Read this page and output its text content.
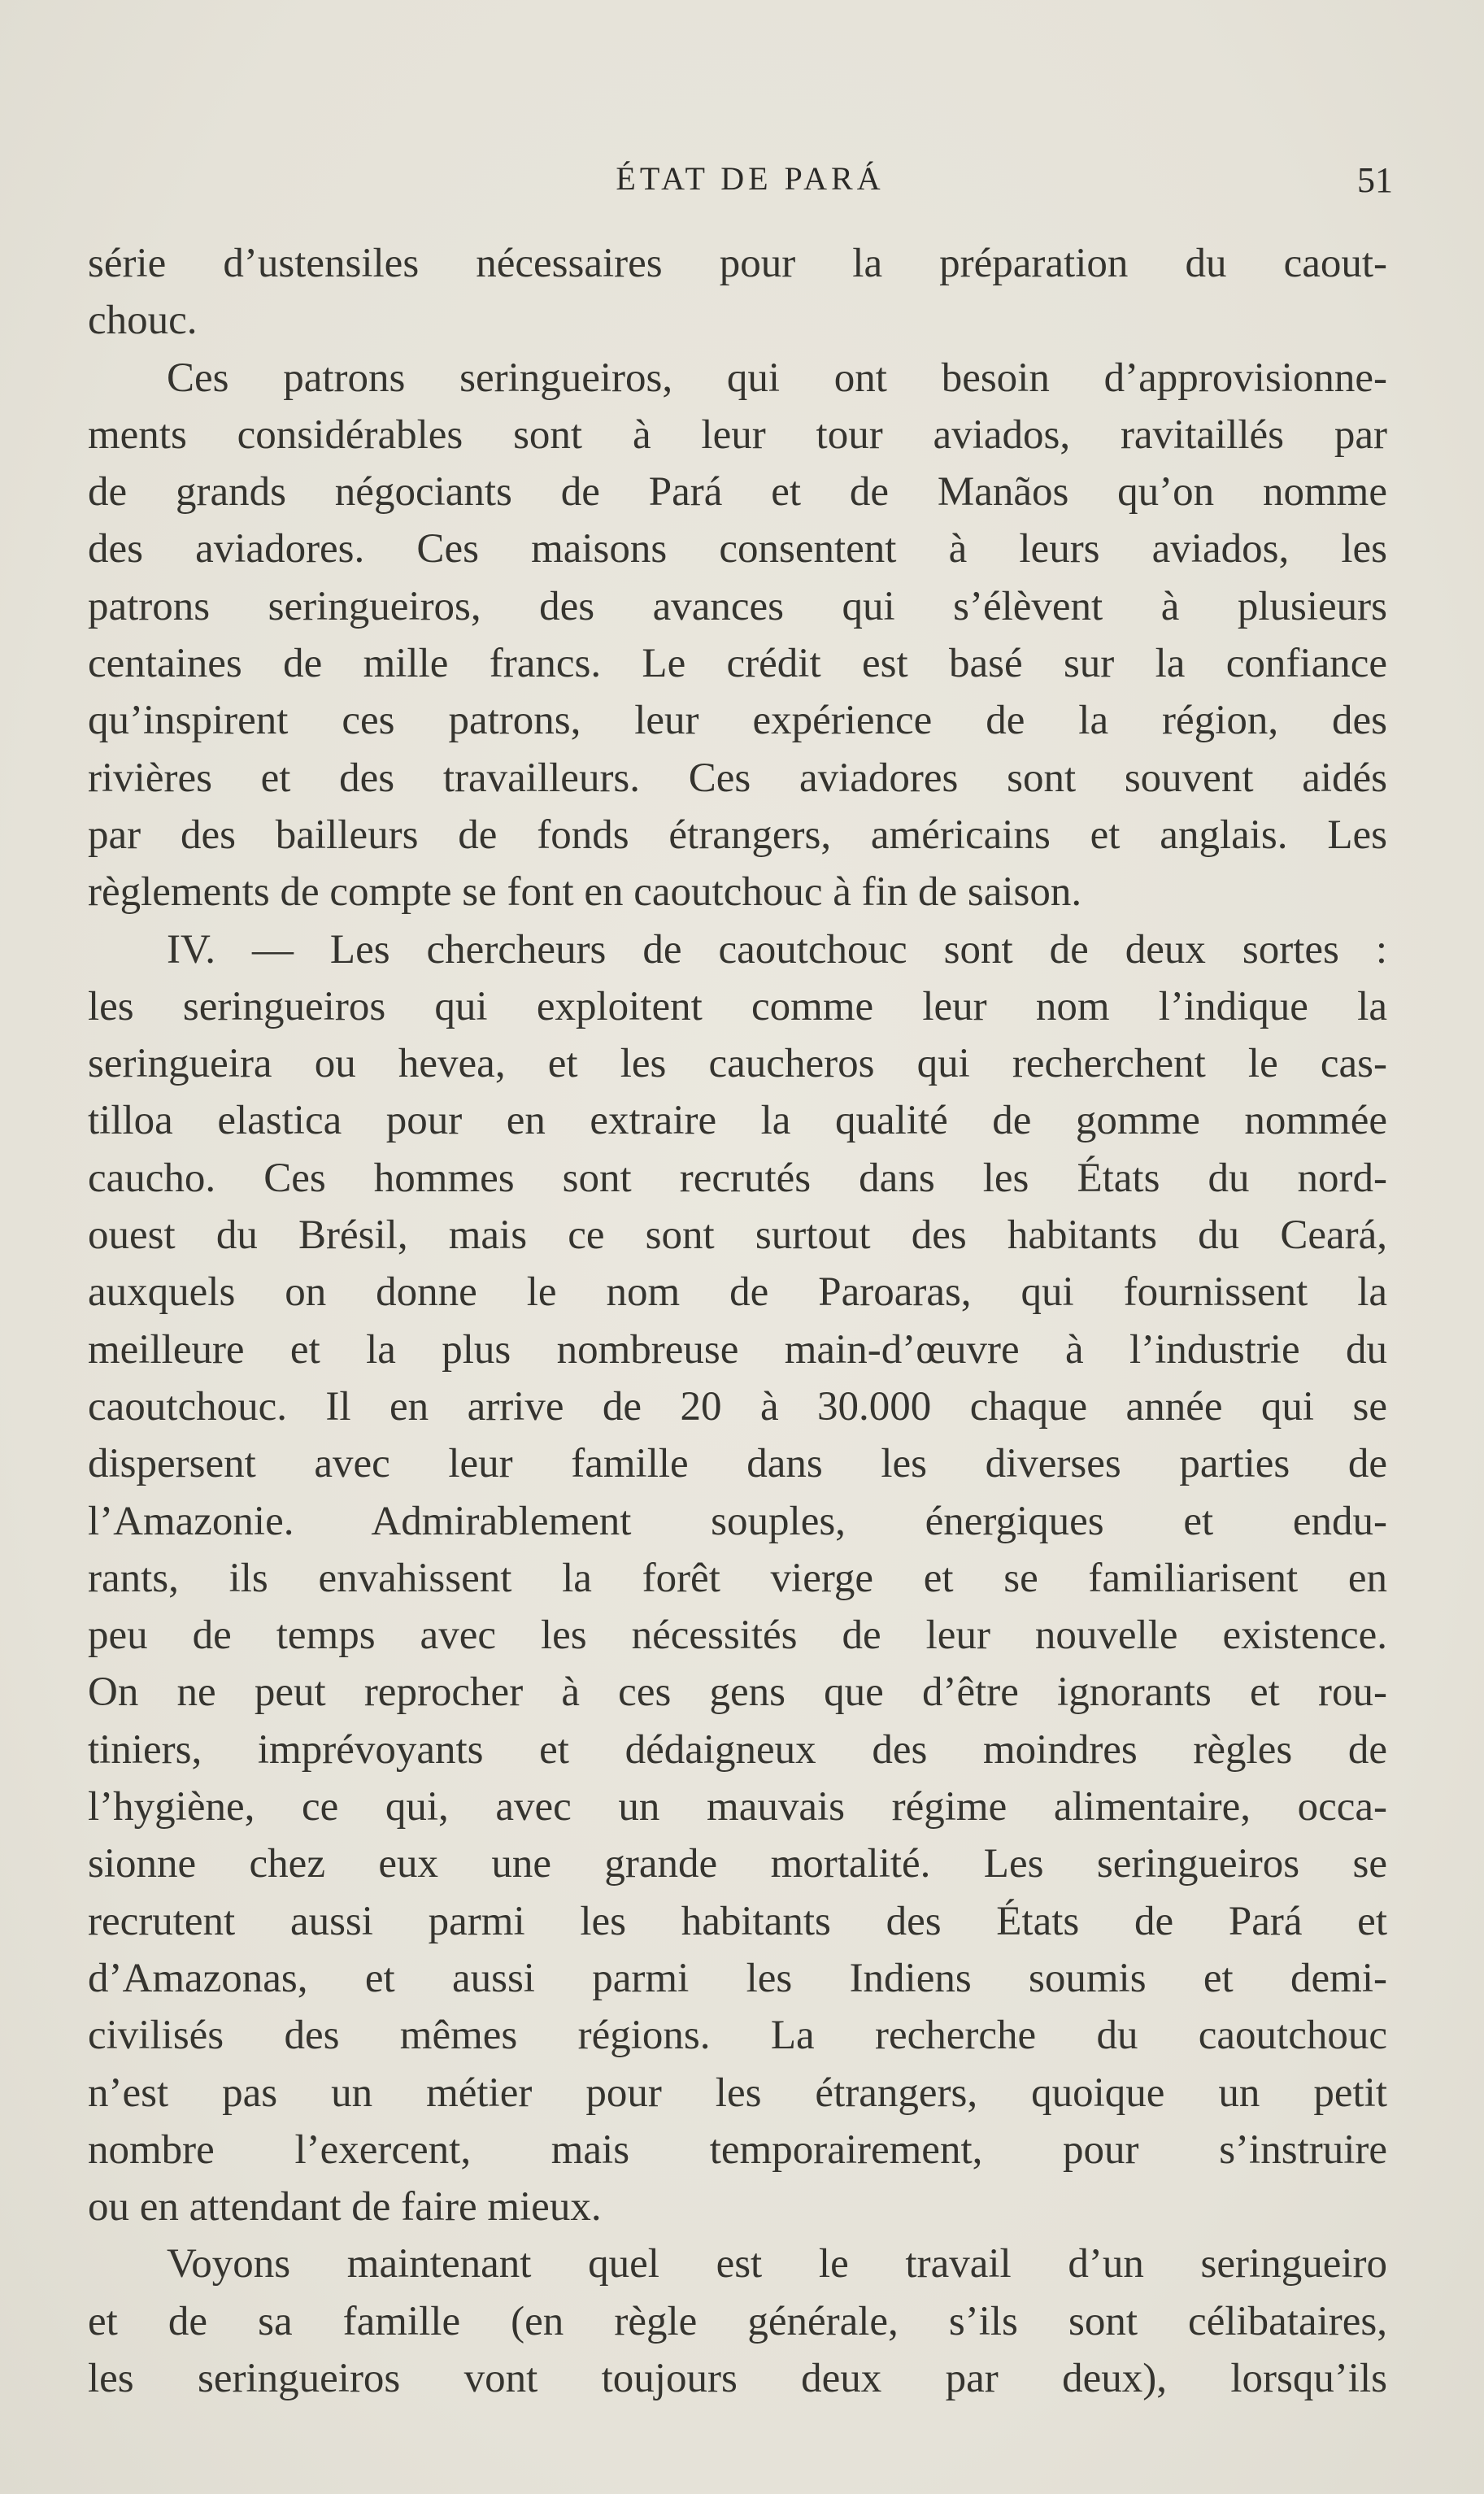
ÉTAT DE PARÁ	51
série d’ustensiles nécessaires pour la préparation du caout-
chouc.
Ces patrons seringueiros, qui ont besoin d’approvisionne-
ments considérables sont à leur tour aviados, ravitaillés par
de grands négociants de Pará et de Manãos qu’on nomme
des aviadores. Ces maisons consentent à leurs aviados, les
patrons seringueiros, des avances qui s’élèvent à plusieurs
centaines de mille francs. Le crédit est basé sur la confiance
qu’inspirent ces patrons, leur expérience de la région, des
rivières et des travailleurs. Ces aviadores sont souvent aidés
par des bailleurs de fonds étrangers, américains et anglais. Les
règlements de compte se font en caoutchouc à fin de saison.
IV. — Les chercheurs de caoutchouc sont de deux sortes :
les seringueiros qui exploitent comme leur nom l’indique la
seringueira ou hevea, et les caucheros qui recherchent le cas-
tilloa elastica pour en extraire la qualité de gomme nommée
caucho. Ces hommes sont recrutés dans les États du nord-
ouest du Brésil, mais ce sont surtout des habitants du Ceará,
auxquels on donne le nom de Paroaras, qui fournissent la
meilleure et la plus nombreuse main-d’œuvre à l’industrie du
caoutchouc. Il en arrive de 20 à 30.000 chaque année qui se
dispersent avec leur famille dans les diverses parties de
l’Amazonie. Admirablement souples, énergiques et endu-
rants, ils envahissent la forêt vierge et se familiarisent en
peu de temps avec les nécessités de leur nouvelle existence.
On ne peut reprocher à ces gens que d’être ignorants et rou-
tiniers, imprévoyants et dédaigneux des moindres règles de
l’hygiène, ce qui, avec un mauvais régime alimentaire, occa-
sionne chez eux une grande mortalité. Les seringueiros se
recrutent aussi parmi les habitants des États de Pará et
d’Amazonas, et aussi parmi les Indiens soumis et demi-
civilisés des mêmes régions. La recherche du caoutchouc
n’est pas un métier pour les étrangers, quoique un petit
nombre l’exercent, mais temporairement, pour s’instruire
ou en attendant de faire mieux.
Voyons maintenant quel est le travail d’un seringueiro
et de sa famille (en règle générale, s’ils sont célibataires,
les seringueiros vont toujours deux par deux), lorsqu’ils
